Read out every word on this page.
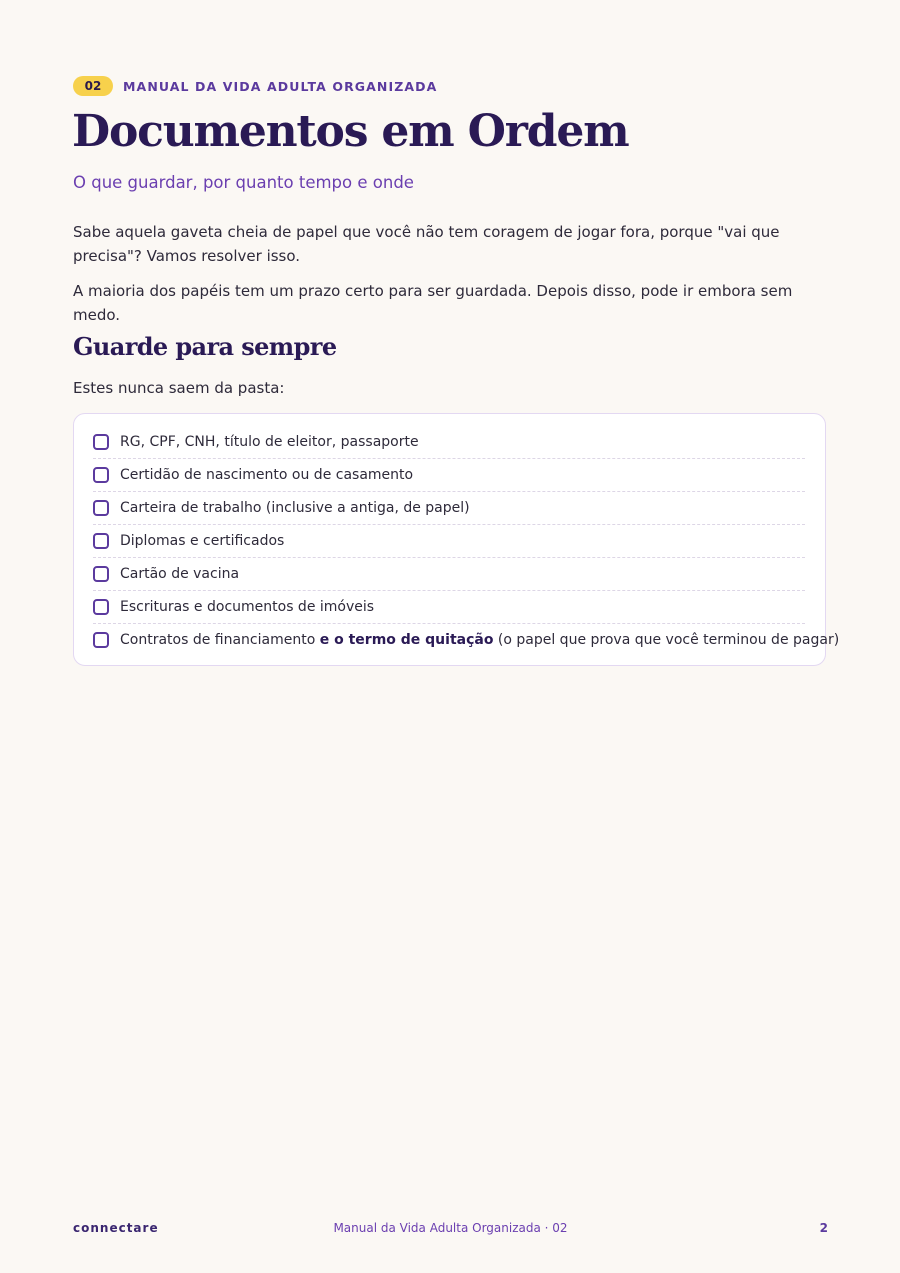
02	MANUAL DA VIDA ADULTA ORGANIZADA
Documentos em Ordem

O que guardar, por quanto tempo e onde

Sabe aquela gaveta cheia de papel que você não tem coragem de jogar fora, porque "vai que precisa"? Vamos resolver isso.

A maioria dos papéis tem um prazo certo para ser guardada. Depois disso, pode ir embora sem medo.

Guarde para sempre

Estes nunca saem da pasta:

RG, CPF, CNH, título de eleitor, passaporte
Certidão de nascimento ou de casamento
Carteira de trabalho (inclusive a antiga, de papel)
Diplomas e certificados
Cartão de vacina
Escrituras e documentos de imóveis
Contratos de financiamento e o termo de quitação (o papel que prova que você terminou de pagar)
connectare	Manual da Vida Adulta Organizada · 02	2
